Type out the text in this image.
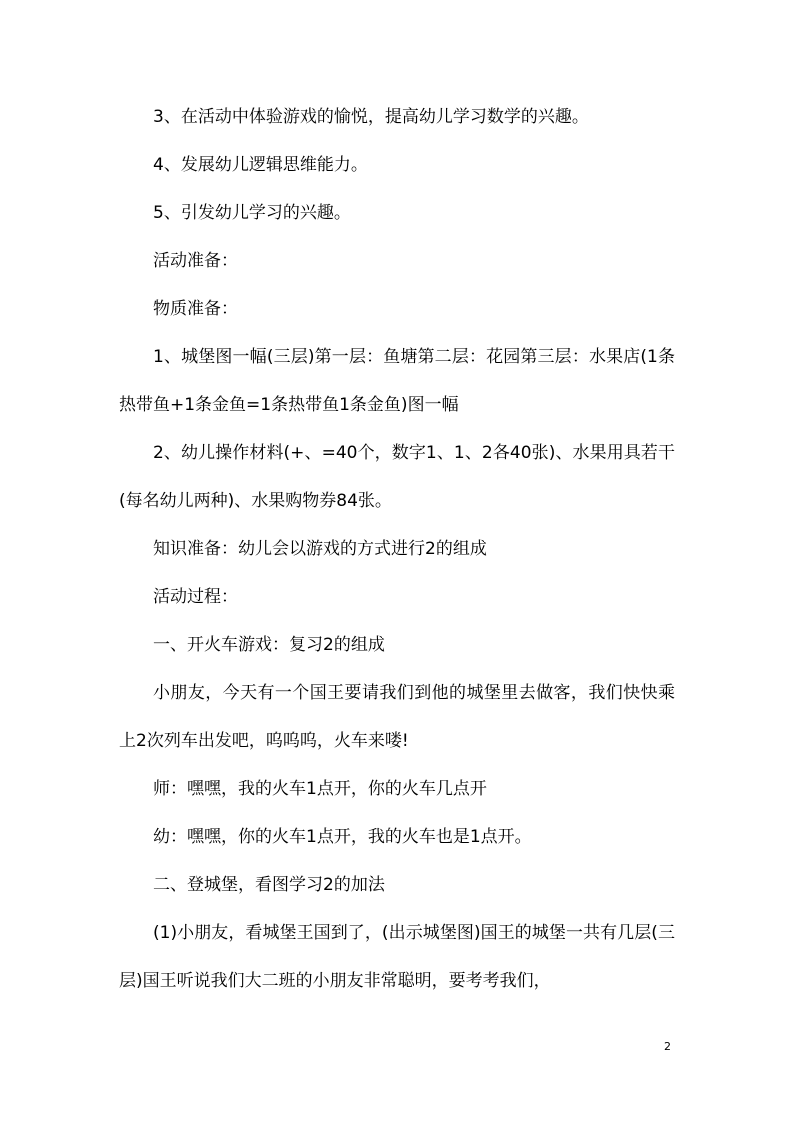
3、在活动中体验游戏的愉悦，提高幼儿学习数学的兴趣。

4、发展幼儿逻辑思维能力。

5、引发幼儿学习的兴趣。

活动准备：

物质准备：

1、城堡图一幅(三层)第一层：鱼塘第二层：花园第三层：水果店(1条热带鱼+1条金鱼=1条热带鱼1条金鱼)图一幅

2、幼儿操作材料(+、=40个，数字1、1、2各40张)、水果用具若干(每名幼儿两种)、水果购物券84张。

知识准备：幼儿会以游戏的方式进行2的组成

活动过程：

一、开火车游戏：复习2的组成

小朋友，今天有一个国王要请我们到他的城堡里去做客，我们快快乘上2次列车出发吧，呜呜呜，火车来喽!

师：嘿嘿，我的火车1点开，你的火车几点开

幼：嘿嘿，你的火车1点开，我的火车也是1点开。

二、登城堡，看图学习2的加法

(1)小朋友，看城堡王国到了，(出示城堡图)国王的城堡一共有几层(三层)国王听说我们大二班的小朋友非常聪明，要考考我们，

2
